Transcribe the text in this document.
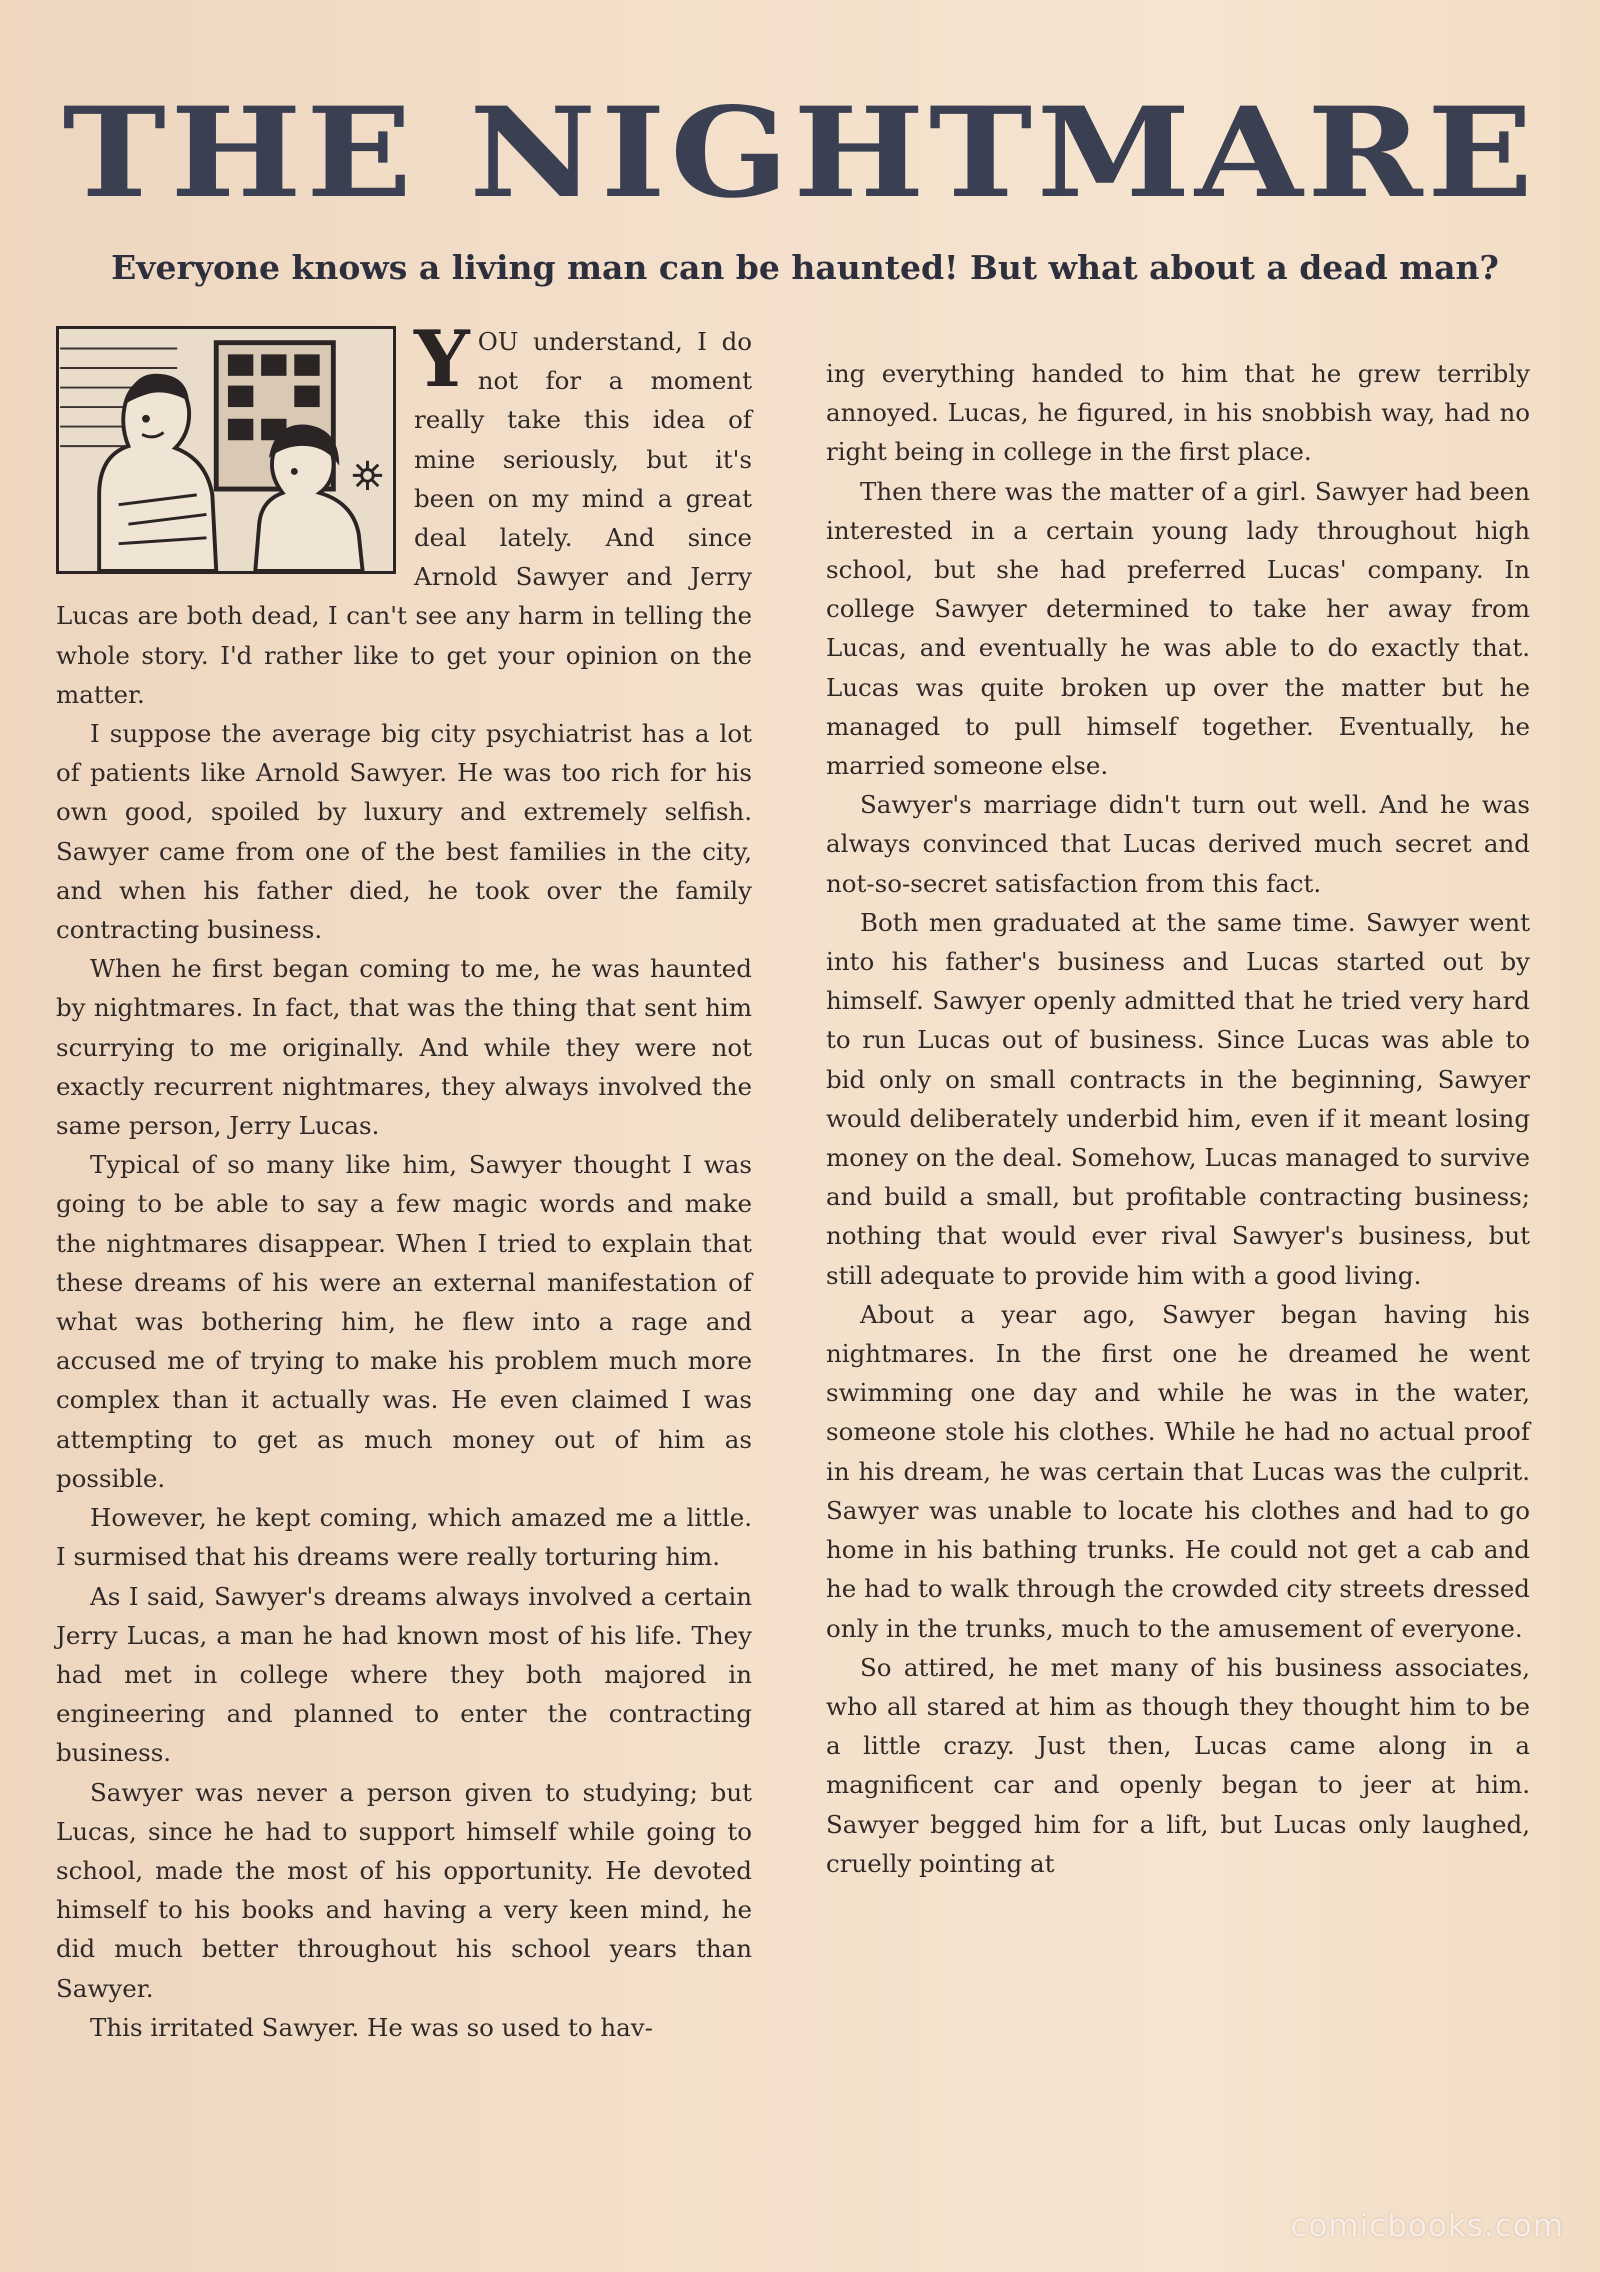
THE NIGHTMARE
Everyone knows a living man can be haunted! But what about a dead man?

YOU understand, I do not for a moment really take this idea of mine seriously, but it's been on my mind a great deal lately. And since Arnold Sawyer and Jerry Lucas are both dead, I can't see any harm in telling the whole story. I'd rather like to get your opinion on the matter.

I suppose the average big city psychiatrist has a lot of patients like Arnold Sawyer. He was too rich for his own good, spoiled by luxury and extremely selfish. Sawyer came from one of the best families in the city, and when his father died, he took over the family contracting business.

When he first began coming to me, he was haunted by nightmares. In fact, that was the thing that sent him scurrying to me originally. And while they were not exactly recurrent nightmares, they always involved the same person, Jerry Lucas.

Typical of so many like him, Sawyer thought I was going to be able to say a few magic words and make the nightmares disappear. When I tried to explain that these dreams of his were an external manifestation of what was bothering him, he flew into a rage and accused me of trying to make his problem much more complex than it actually was. He even claimed I was attempting to get as much money out of him as possible.

However, he kept coming, which amazed me a little. I surmised that his dreams were really torturing him.

As I said, Sawyer's dreams always involved a certain Jerry Lucas, a man he had known most of his life. They had met in college where they both majored in engineering and planned to enter the contracting business.

Sawyer was never a person given to studying; but Lucas, since he had to support himself while going to school, made the most of his opportunity. He devoted himself to his books and having a very keen mind, he did much better throughout his school years than Sawyer.

This irritated Sawyer. He was so used to hav-

ing everything handed to him that he grew terribly annoyed. Lucas, he figured, in his snobbish way, had no right being in college in the first place.

Then there was the matter of a girl. Sawyer had been interested in a certain young lady throughout high school, but she had preferred Lucas' company. In college Sawyer determined to take her away from Lucas, and eventually he was able to do exactly that. Lucas was quite broken up over the matter but he managed to pull himself together. Eventually, he married someone else.

Sawyer's marriage didn't turn out well. And he was always convinced that Lucas derived much secret and not-so-secret satisfaction from this fact.

Both men graduated at the same time. Sawyer went into his father's business and Lucas started out by himself. Sawyer openly admitted that he tried very hard to run Lucas out of business. Since Lucas was able to bid only on small contracts in the beginning, Sawyer would deliberately underbid him, even if it meant losing money on the deal. Somehow, Lucas managed to survive and build a small, but profitable contracting business; nothing that would ever rival Sawyer's business, but still adequate to provide him with a good living.

About a year ago, Sawyer began having his nightmares. In the first one he dreamed he went swimming one day and while he was in the water, someone stole his clothes. While he had no actual proof in his dream, he was certain that Lucas was the culprit. Sawyer was unable to locate his clothes and had to go home in his bathing trunks. He could not get a cab and he had to walk through the crowded city streets dressed only in the trunks, much to the amusement of everyone.

So attired, he met many of his business associates, who all stared at him as though they thought him to be a little crazy. Just then, Lucas came along in a magnificent car and openly began to jeer at him. Sawyer begged him for a lift, but Lucas only laughed, cruelly pointing at

comicbooks.com
